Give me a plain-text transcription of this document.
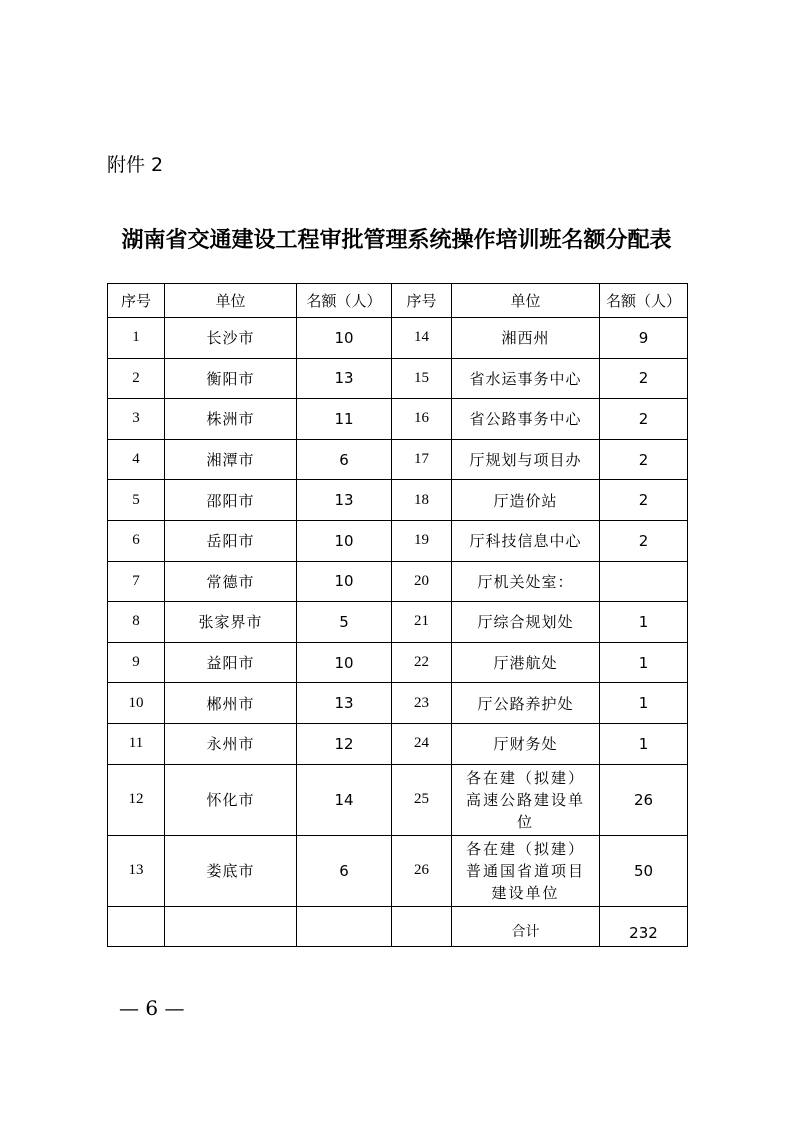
附件 2
湖南省交通建设工程审批管理系统操作培训班名额分配表
序号	单位	名额（人）	序号	单位	名额（人）
1	长沙市	10	14	湘西州	9
2	衡阳市	13	15	省水运事务中心	2
3	株洲市	11	16	省公路事务中心	2
4	湘潭市	6	17	厅规划与项目办	2
5	邵阳市	13	18	厅造价站	2
6	岳阳市	10	19	厅科技信息中心	2
7	常德市	10	20	厅机关处室：	
8	张家界市	5	21	厅综合规划处	1
9	益阳市	10	22	厅港航处	1
10	郴州市	13	23	厅公路养护处	1
11	永州市	12	24	厅财务处	1
12	怀化市	14	25	各在建（拟建）高速公路建设单位	26
13	娄底市	6	26	各在建（拟建）普通国省道项目建设单位	50
				合计	232
— 6 —
